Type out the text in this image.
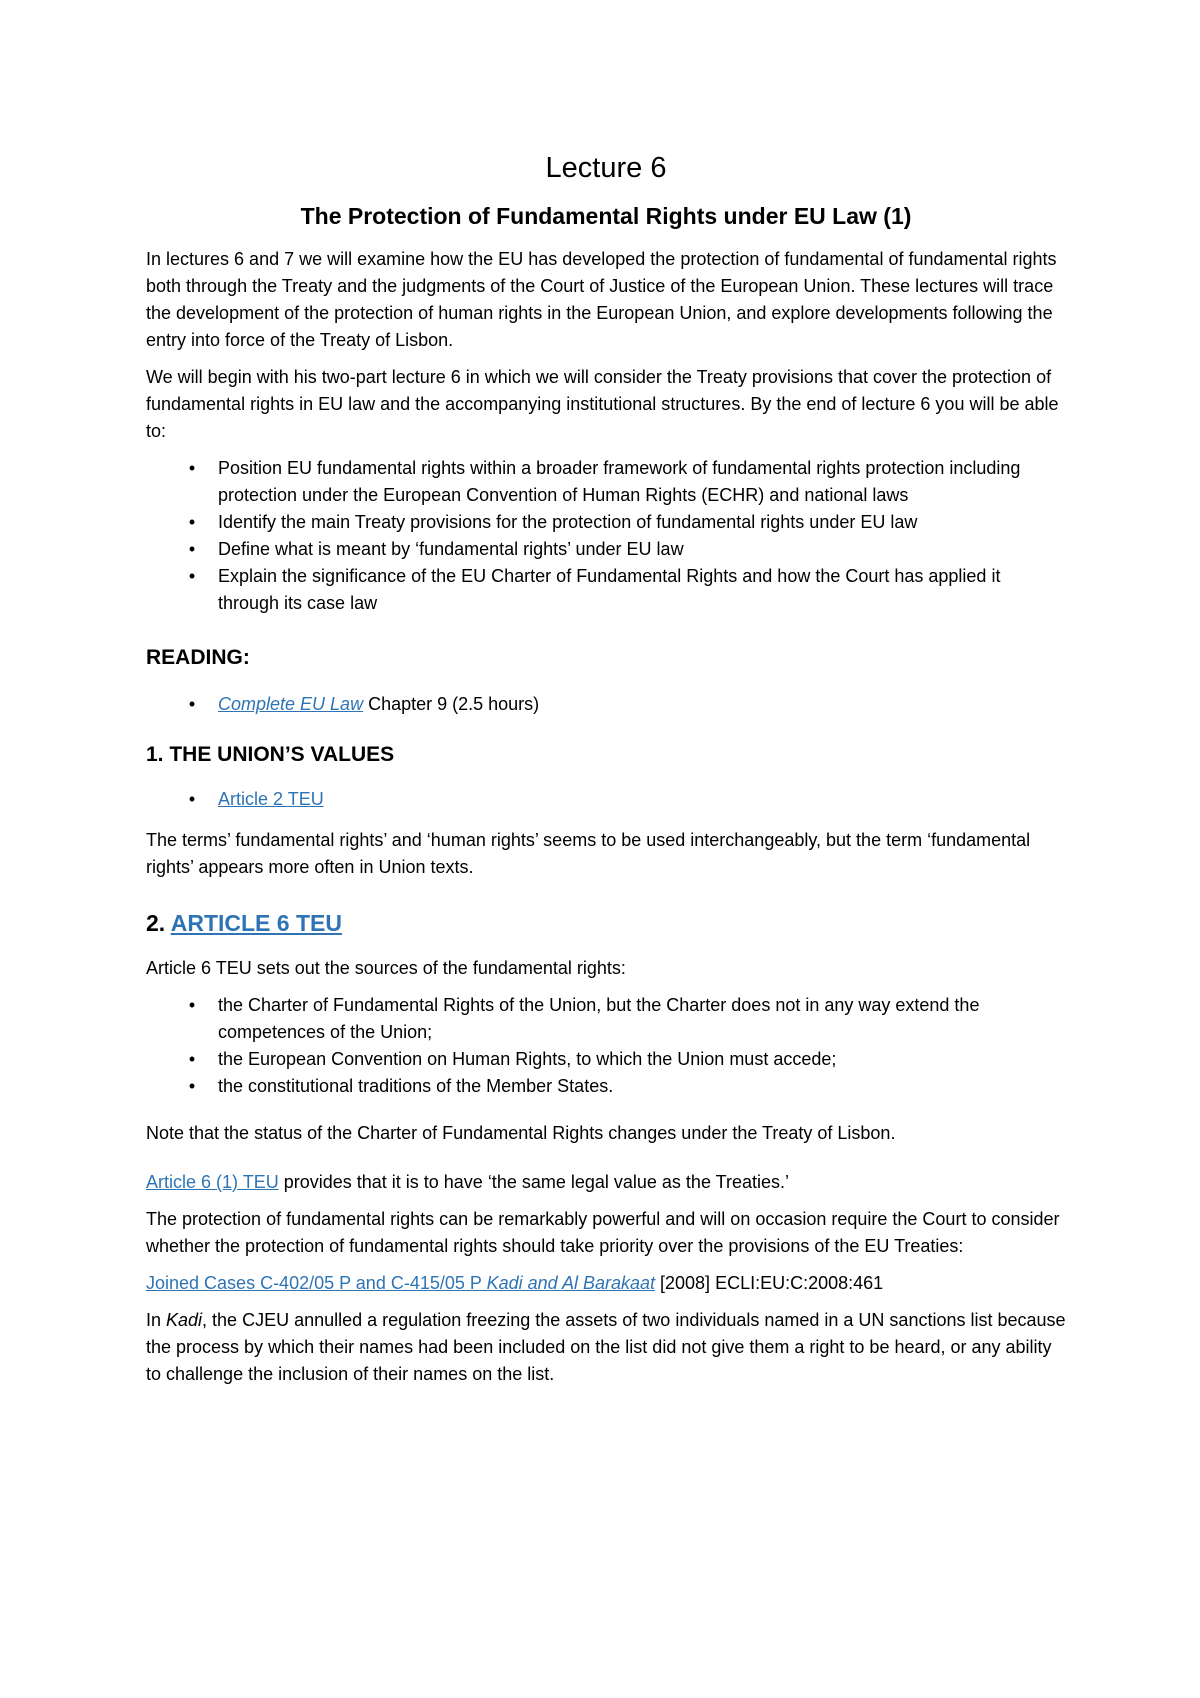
Lecture 6
The Protection of Fundamental Rights under EU Law (1)

In lectures 6 and 7 we will examine how the EU has developed the protection of fundamental of fundamental rights both through the Treaty and the judgments of the Court of Justice of the European Union. These lectures will trace the development of the protection of human rights in the European Union, and explore developments following the entry into force of the Treaty of Lisbon.

We will begin with his two-part lecture 6 in which we will consider the Treaty provisions that cover the protection of fundamental rights in EU law and the accompanying institutional structures. By the end of lecture 6 you will be able to:

• Position EU fundamental rights within a broader framework of fundamental rights protection including protection under the European Convention of Human Rights (ECHR) and national laws
• Identify the main Treaty provisions for the protection of fundamental rights under EU law
• Define what is meant by ‘fundamental rights’ under EU law
• Explain the significance of the EU Charter of Fundamental Rights and how the Court has applied it through its case law
READING:
• Complete EU Law Chapter 9 (2.5 hours)
1. THE UNION’S VALUES
• Article 2 TEU

The terms’ fundamental rights’ and ‘human rights’ seems to be used interchangeably, but the term ‘fundamental rights’ appears more often in Union texts.

2. ARTICLE 6 TEU

Article 6 TEU sets out the sources of the fundamental rights:

• the Charter of Fundamental Rights of the Union, but the Charter does not in any way extend the competences of the Union;
• the European Convention on Human Rights, to which the Union must accede;
• the constitutional traditions of the Member States.

Note that the status of the Charter of Fundamental Rights changes under the Treaty of Lisbon.

Article 6 (1) TEU provides that it is to have ‘the same legal value as the Treaties.’

The protection of fundamental rights can be remarkably powerful and will on occasion require the Court to consider whether the protection of fundamental rights should take priority over the provisions of the EU Treaties:

Joined Cases C-402/05 P and C-415/05 P Kadi and Al Barakaat [2008] ECLI:EU:C:2008:461

In Kadi, the CJEU annulled a regulation freezing the assets of two individuals named in a UN sanctions list because the process by which their names had been included on the list did not give them a right to be heard, or any ability to challenge the inclusion of their names on the list.
